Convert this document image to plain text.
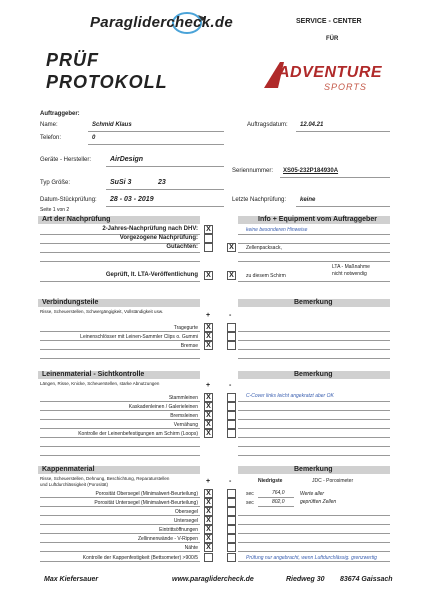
Paraglidercheck.de	SERVICE - CENTER
FÜR
PRÜF
PROTOKOLL	ADVENTURE
SPORTS
Auftraggeber:
Name:	Schmid Klaus	Auftragsdatum: 12.04.21
Telefon:	0
Geräte - Hersteller:	AirDesign
Seriennummer: XS05-232P184930A
Typ Größe:	SuSi 3	23
Datum-Stückprüfung: 28 - 03 - 2019	Letzte Nachprüfung: keine
Seite 1 von 2
Art der Nachprüfung	Info + Equipment vom Auftraggeber
2-Jahres-Nachprüfung nach DHV:	X	keine besonderen Hinweise
Vorgezogene Nachprüfung:
Gutachten:	X	Zellenpacksack,
LTA - Maßnahme
nicht notwendig
Geprüft, lt. LTA-Veröffentlichung	X	X	zu diesem Schirm
Verbindungsteile	Bemerkung
Risse, Scheuerstellen, Schwergängigkeit, Vollständigkeit usw.
+	-
Tragegurte	X
Leinenschlösser mit Leinen-Sammler Clips o. Gummi	X
Bremse	X
Leinenmaterial - Sichtkontrolle	Bemerkung
Längen, Risse, Knicke, Scheuerstellen, starke Abnutzungen	+	-
Stammleinen	X	C-Cover links leicht angekratzt aber OK
Kaskadenleinen / Galerieleinen	X
Bremsleinen	X
Vernähung	X
Kontrolle der Leinenbefestigungen am Schirm (Loops)	X
Kappenmaterial	Bemerkung
Risse, Scheuerstellen, Dehnung, Beschichtung, Reparaturstellen
und Luftdurchlässigkeit (Porosität)	+	-	Niedrigste	JDC - Porosimeter
Porosität Obersegel (Minimalwert-Beurteilung)	X	sec	764,0	Werte aller
Porosität Untersegel (Minimalwert-Beurteilung)	X	sec	802,0	geprüften Zellen
Obersegel	X
Untersegel	X
Eintrittsöffnungen	X
Zellinnenwände - V-Rippen	X
Nähte	X
Kontrolle der Kappenfestigkeit (Bettsometer) >900/5	Prüfung nur angebracht, wenn Luftdurchlässig. grenzwertig
Max Kiefersauer	www.paraglidercheck.de	Riedweg 30 83674 Gaissach
